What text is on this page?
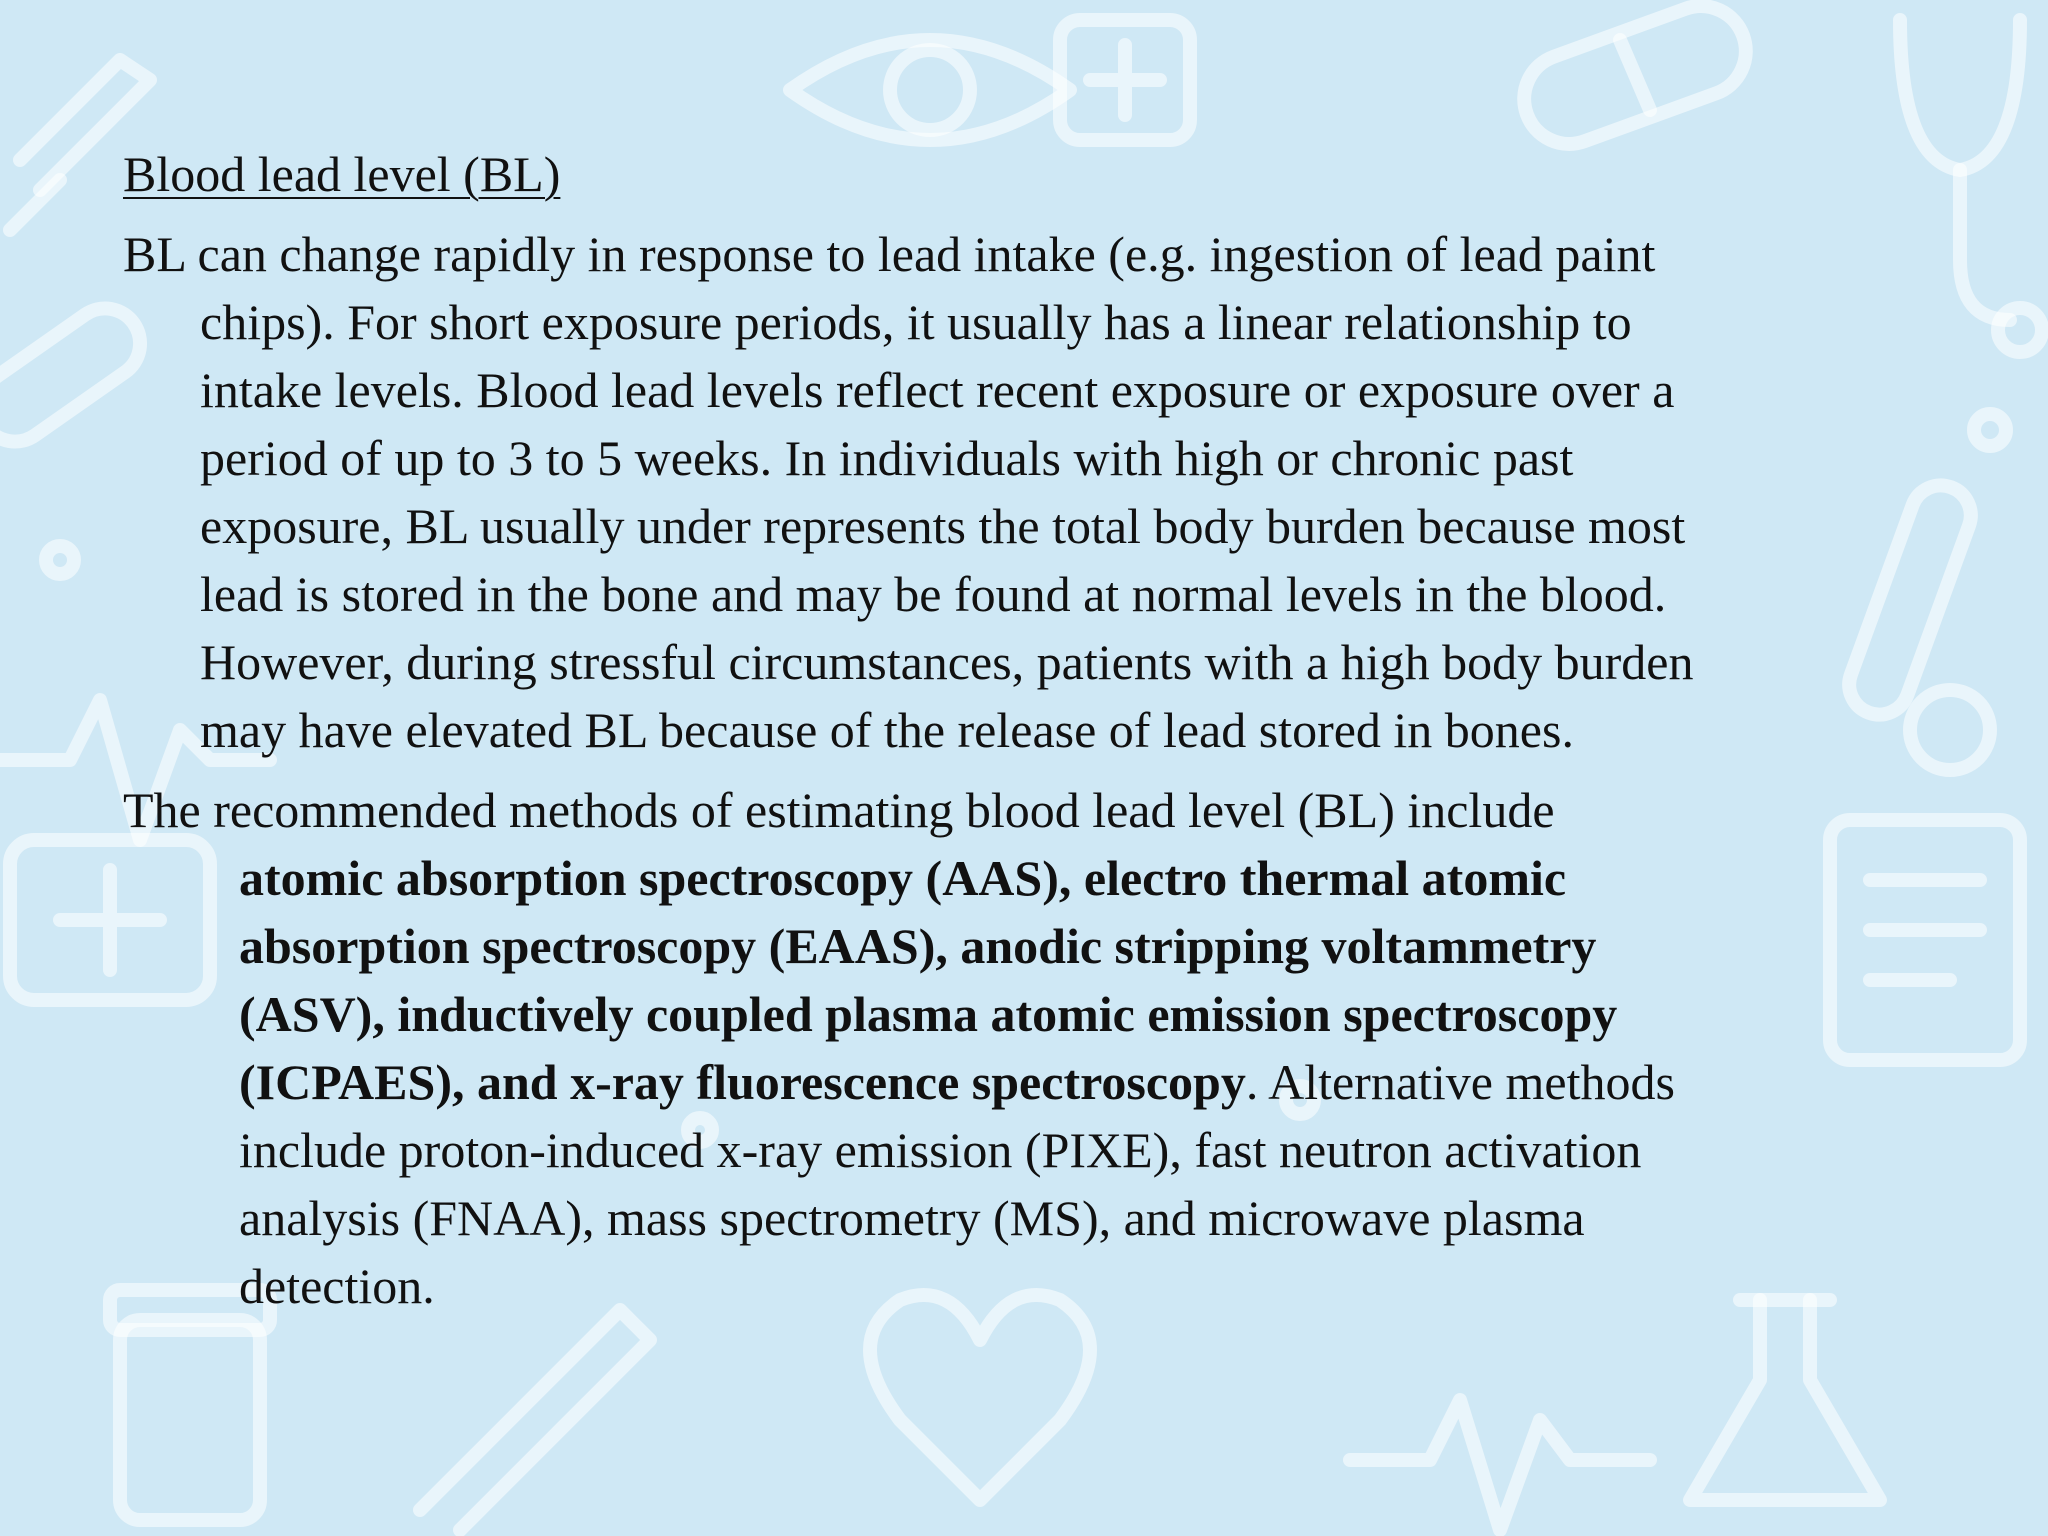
Blood lead level (BL)
BL can change rapidly in response to lead intake (e.g. ingestion of lead paint
chips). For short exposure periods, it usually has a linear relationship to
intake levels. Blood lead levels reflect recent exposure or exposure over a
period of up to 3 to 5 weeks. In individuals with high or chronic past
exposure, BL usually under represents the total body burden because most
lead is stored in the bone and may be found at normal levels in the blood.
However, during stressful circumstances, patients with a high body burden
may have elevated BL because of the release of lead stored in bones.
The recommended methods of estimating blood lead level (BL) include
atomic absorption spectroscopy (AAS), electro thermal atomic
absorption spectroscopy (EAAS), anodic stripping voltammetry
(ASV), inductively coupled plasma atomic emission spectroscopy
(ICPAES), and x-ray fluorescence spectroscopy. Alternative methods
include proton-induced x-ray emission (PIXE), fast neutron activation
analysis (FNAA), mass spectrometry (MS), and microwave plasma
detection.
